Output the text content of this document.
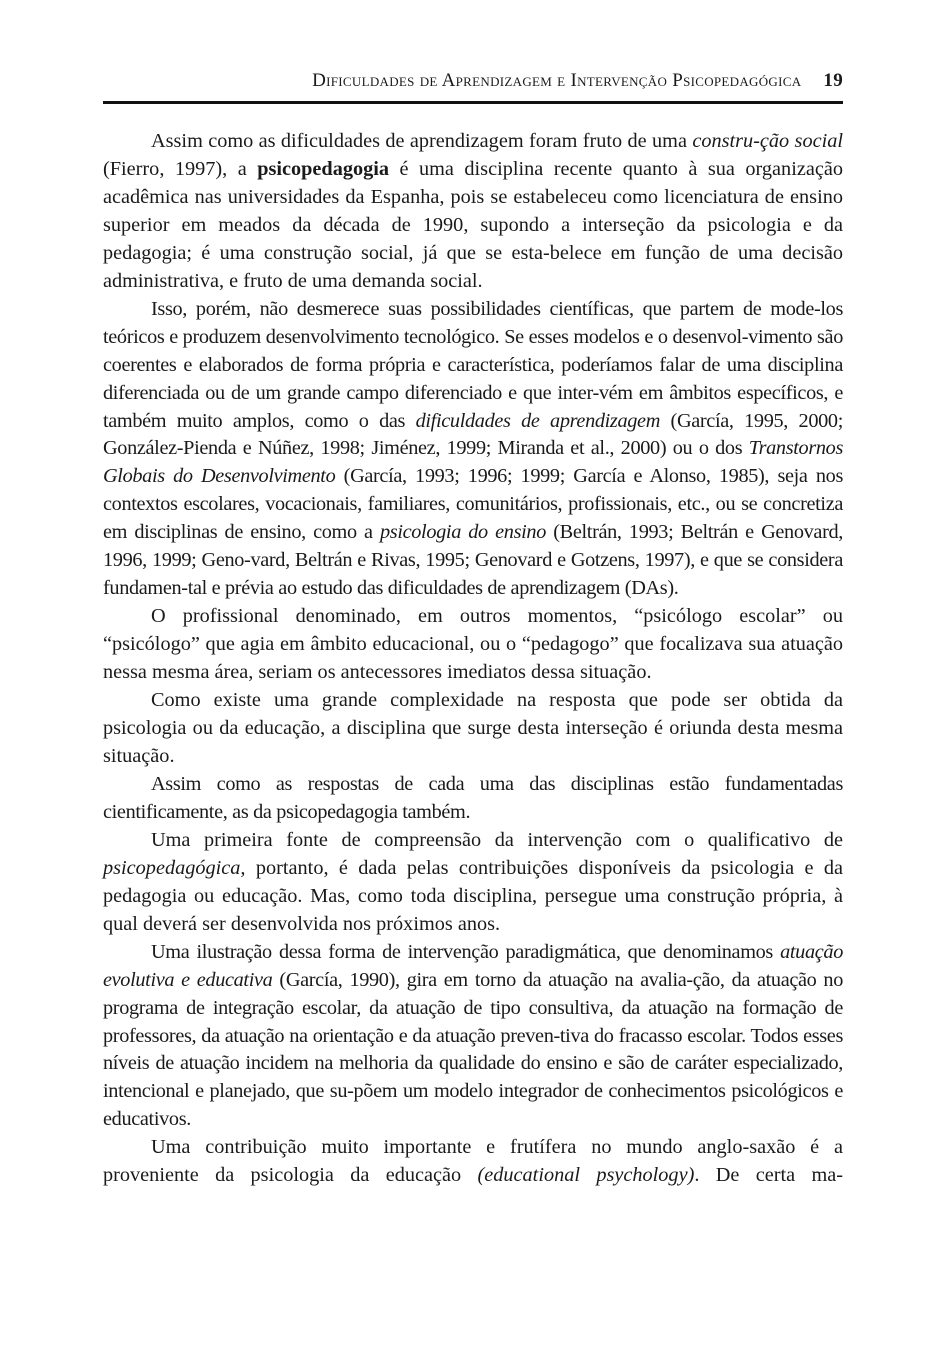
Dificuldades de Aprendizagem e Intervenção Psicopedagógica 19

Assim como as dificuldades de aprendizagem foram fruto de uma constru-ção social (Fierro, 1997), a psicopedagogia é uma disciplina recente quanto à sua organização acadêmica nas universidades da Espanha, pois se estabeleceu como licenciatura de ensino superior em meados da década de 1990, supondo a interseção da psicologia e da pedagogia; é uma construção social, já que se esta-belece em função de uma decisão administrativa, e fruto de uma demanda social.

Isso, porém, não desmerece suas possibilidades científicas, que partem de mode-los teóricos e produzem desenvolvimento tecnológico. Se esses modelos e o desenvol-vimento são coerentes e elaborados de forma própria e característica, poderíamos falar de uma disciplina diferenciada ou de um grande campo diferenciado e que inter-vém em âmbitos específicos, e também muito amplos, como o das dificuldades de aprendizagem (García, 1995, 2000; González-Pienda e Núñez, 1998; Jiménez, 1999; Miranda et al., 2000) ou o dos Transtornos Globais do Desenvolvimento (García, 1993; 1996; 1999; García e Alonso, 1985), seja nos contextos escolares, vocacionais, familiares, comunitários, profissionais, etc., ou se concretiza em disciplinas de ensino, como a psicologia do ensino (Beltrán, 1993; Beltrán e Genovard, 1996, 1999; Geno-vard, Beltrán e Rivas, 1995; Genovard e Gotzens, 1997), e que se considera fundamen-tal e prévia ao estudo das dificuldades de aprendizagem (DAs).

O profissional denominado, em outros momentos, “psicólogo escolar” ou “psicólogo” que agia em âmbito educacional, ou o “pedagogo” que focalizava sua atuação nessa mesma área, seriam os antecessores imediatos dessa situação.

Como existe uma grande complexidade na resposta que pode ser obtida da psicologia ou da educação, a disciplina que surge desta interseção é oriunda desta mesma situação.

Assim como as respostas de cada uma das disciplinas estão fundamentadas cientificamente, as da psicopedagogia também.

Uma primeira fonte de compreensão da intervenção com o qualificativo de psicopedagógica, portanto, é dada pelas contribuições disponíveis da psicologia e da pedagogia ou educação. Mas, como toda disciplina, persegue uma construção própria, à qual deverá ser desenvolvida nos próximos anos.

Uma ilustração dessa forma de intervenção paradigmática, que denominamos atuação evolutiva e educativa (García, 1990), gira em torno da atuação na avalia-ção, da atuação no programa de integração escolar, da atuação de tipo consultiva, da atuação na formação de professores, da atuação na orientação e da atuação preven-tiva do fracasso escolar. Todos esses níveis de atuação incidem na melhoria da qualidade do ensino e são de caráter especializado, intencional e planejado, que su-põem um modelo integrador de conhecimentos psicológicos e educativos.

Uma contribuição muito importante e frutífera no mundo anglo-saxão é a proveniente da psicologia da educação (educational psychology). De certa ma-
